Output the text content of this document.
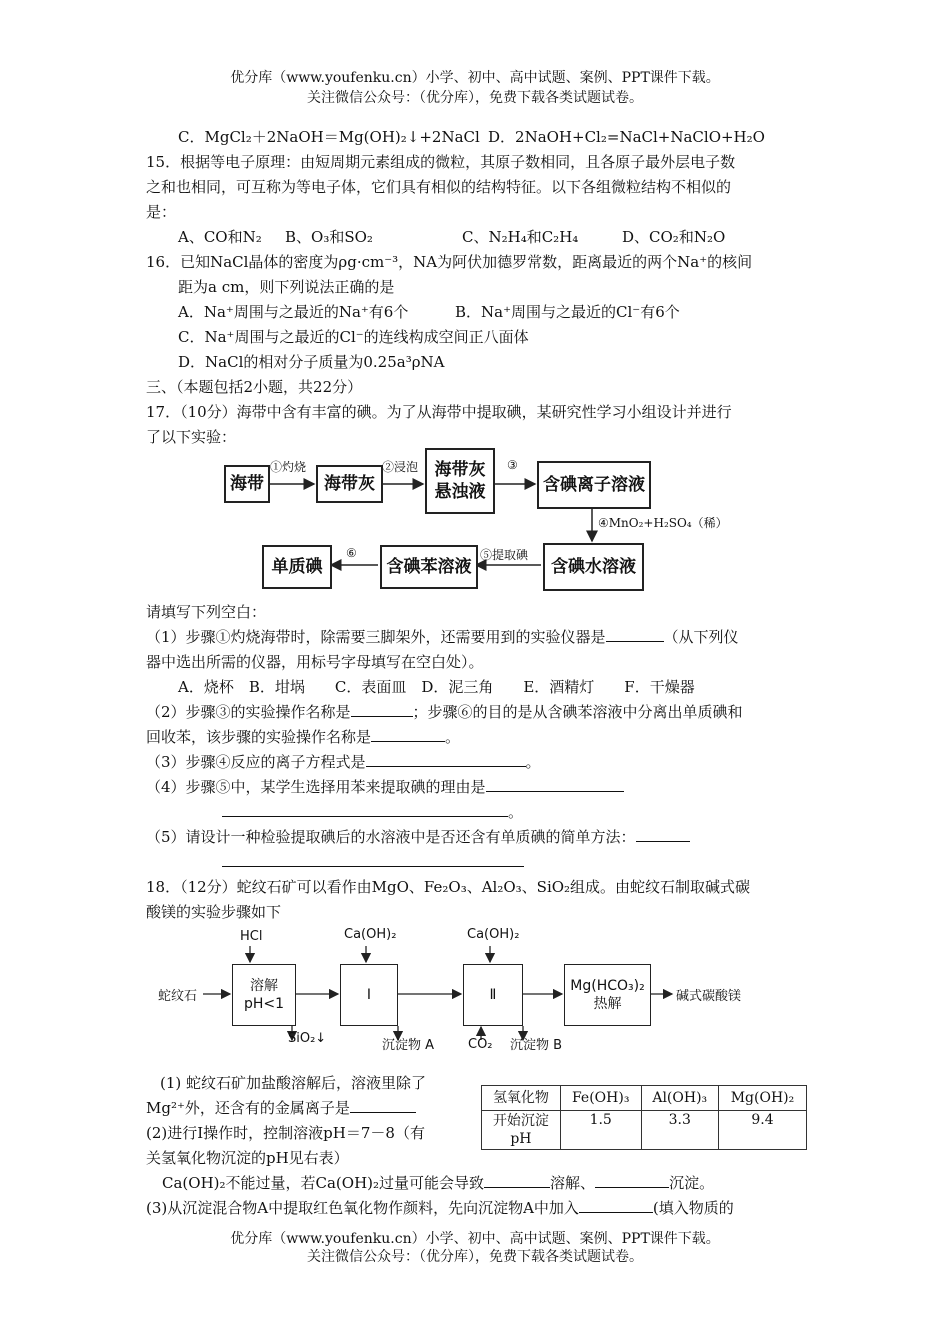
优分库（www.youfenku.cn）小学、初中、高中试题、案例、PPT课件下载。
关注微信公众号：（优分库），免费下载各类试题试卷。
C．MgCl₂＋2NaOH＝Mg(OH)₂↓+2NaCl D．2NaOH+Cl₂=NaCl+NaClO+H₂O
15．根据等电子原理：由短周期元素组成的微粒，其原子数相同，且各原子最外层电子数
之和也相同，可互称为等电子体，它们具有相似的结构特征。以下各组微粒结构不相似的
是：
A、CO和N₂ B、O₃和SO₂	C、N₂H₄和C₂H₄	D、CO₂和N₂O
16．已知NaCl晶体的密度为ρg·cm⁻³，NA为阿伏加德罗常数，距离最近的两个Na⁺的核间
距为a cm，则下列说法正确的是
A．Na⁺周围与之最近的Na⁺有6个	B．Na⁺周围与之最近的Cl⁻有6个
C．Na⁺周围与之最近的Cl⁻的连线构成空间正八面体
D．NaCl的相对分子质量为0.25a³ρNA
三、（本题包括2小题，共22分）
17．（10分）海带中含有丰富的碘。为了从海带中提取碘，某研究性学习小组设计并进行
了以下实验：
海带	海带灰
海带灰
悬浊液	含碘离子溶液
含碘水溶液
含碘苯溶液
单质碘
①灼烧	②浸泡	③
④MnO₂+H₂SO₄（稀）
⑤提取碘
⑥
请填写下列空白：
（1）步骤①灼烧海带时，除需要三脚架外，还需要用到的实验仪器是	（从下列仪
器中选出所需的仪器，用标号字母填写在空白处）。
A．烧杯　B．坩埚　　C．表面皿　D．泥三角　　E．酒精灯　　F．干燥器
（2）步骤③的实验操作名称是	；步骤⑥的目的是从含碘苯溶液中分离出单质碘和
回收苯，该步骤的实验操作名称是	。
（3）步骤④反应的离子方程式是	。
（4）步骤⑤中，某学生选择用苯来提取碘的理由是
。
（5）请设计一种检验提取碘后的水溶液中是否还含有单质碘的简单方法：
18．（12分）蛇纹石矿可以看作由MgO、Fe₂O₃、Al₂O₃、SiO₂组成。由蛇纹石制取碱式碳
酸镁的实验步骤如下
蛇纹石
HCl
溶解
pH<1
Ca(OH)₂
Ⅰ
Ca(OH)₂
Ⅱ
Mg(HCO₃)₂
热解	碱式碳酸镁
SiO₂↓	沉淀物 A	CO₂ 沉淀物 B
(1) 蛇纹石矿加盐酸溶解后，溶液里除了
Mg²⁺外，还含有的金属离子是
(2)进行Ⅰ操作时，控制溶液pH＝7－8（有
关氢氧化物沉淀的pH见右表）
Ca(OH)₂不能过量，若Ca(OH)₂过量可能会导致	溶解、	沉淀。
(3)从沉淀混合物A中提取红色氧化物作颜料，先向沉淀物A中加入	(填入物质的
氢氧化物	Fe(OH)₃	Al(OH)₃	Mg(OH)₂

开始沉淀
pH	1.5	3.3	9.4
优分库（www.youfenku.cn）小学、初中、高中试题、案例、PPT课件下载。
关注微信公众号：（优分库），免费下载各类试题试卷。
